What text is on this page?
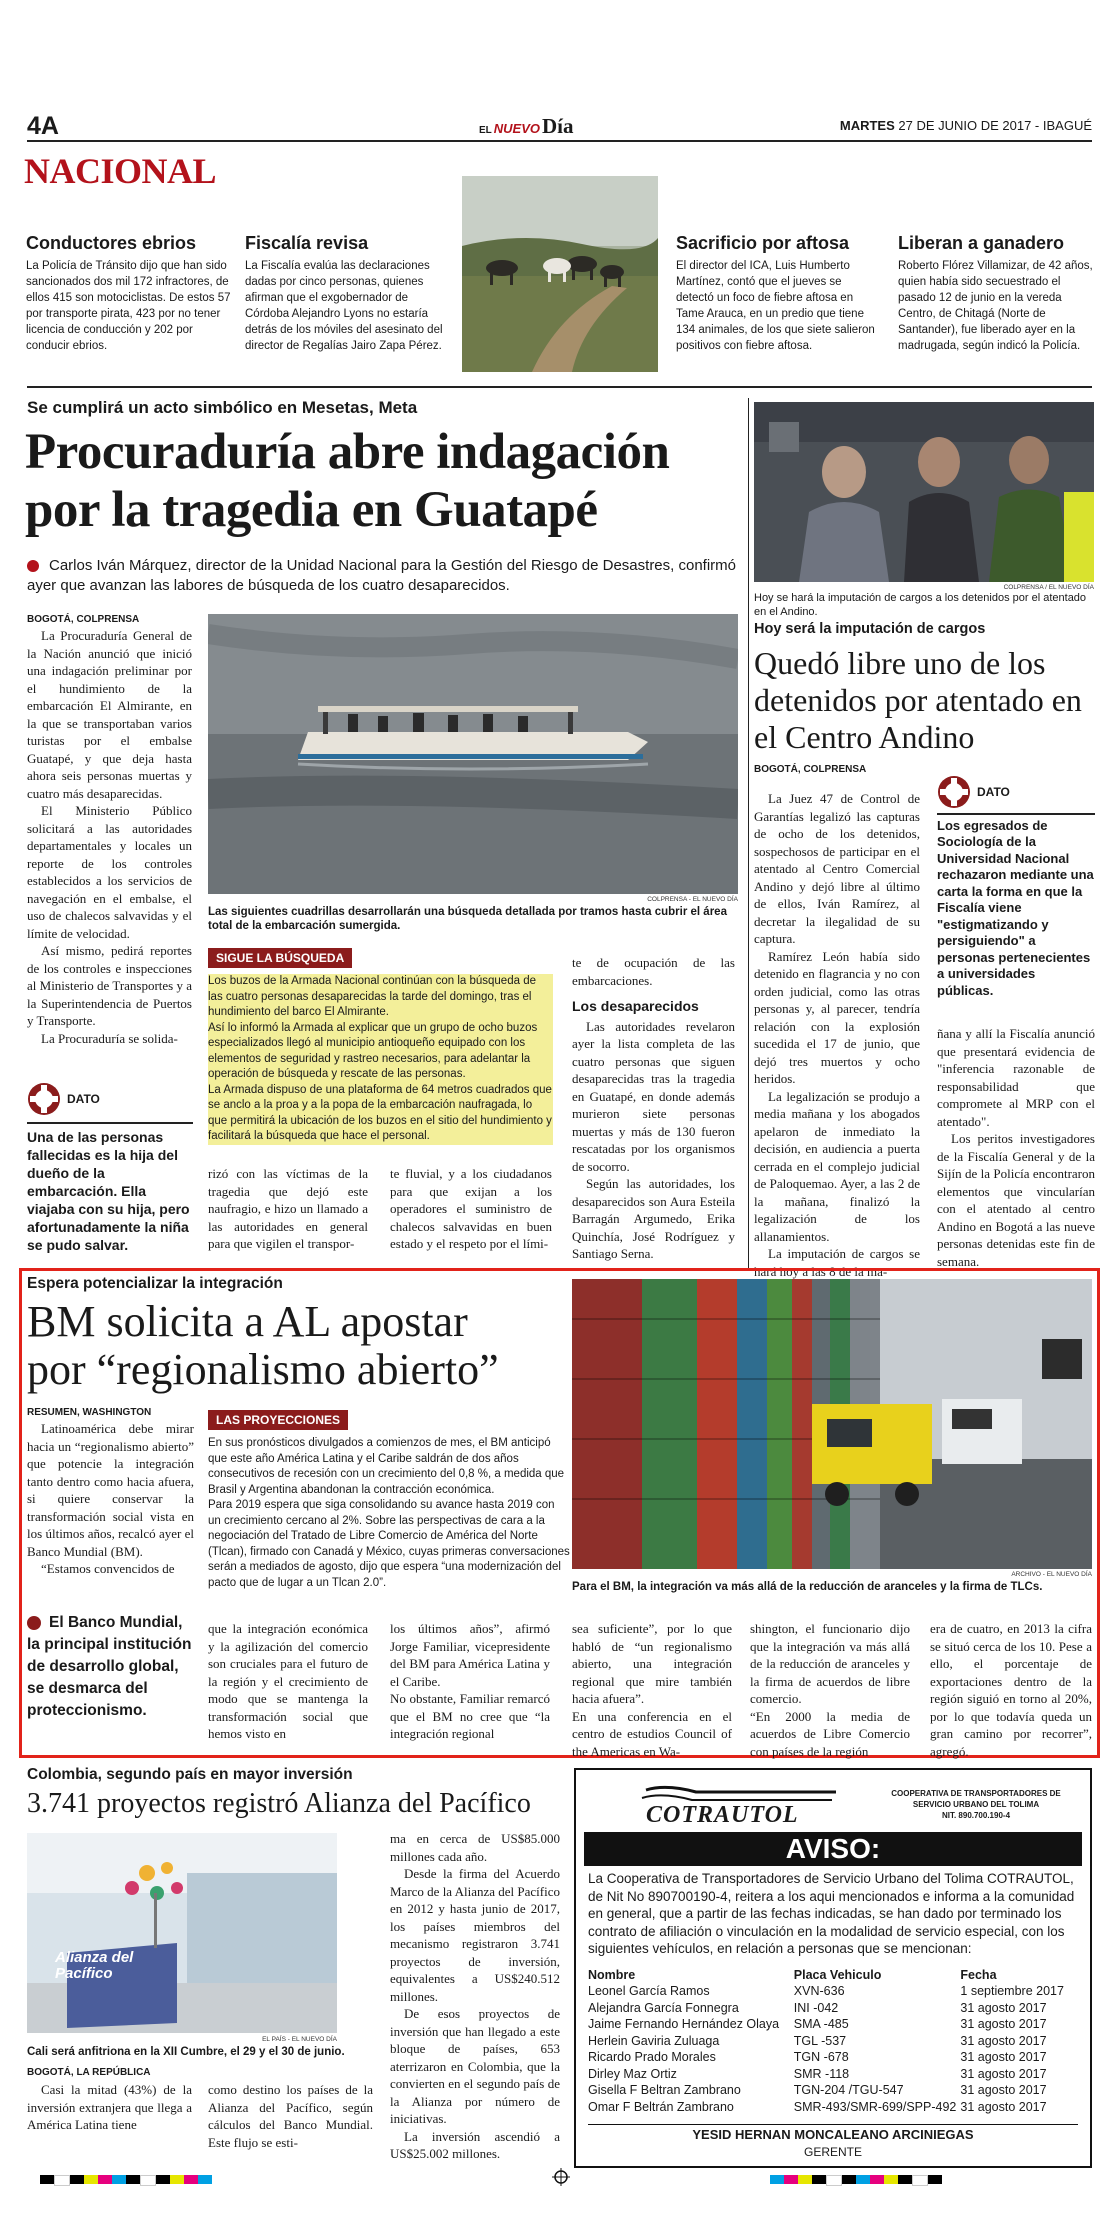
4A	EL NUEVO Día	MARTES 27 DE JUNIO DE 2017 - IBAGUÉ
NACIONAL
Conductores ebrios
La Policía de Tránsito dijo que han sido sancionados dos mil 172 infractores, de ellos 415 son motociclistas. De estos 57 por transporte pirata, 423 por no tener licencia de conducción y 202 por conducir ebrios.
Fiscalía revisa
La Fiscalía evalúa las declaraciones dadas por cinco personas, quienes afirman que el exgobernador de Córdoba Alejandro Lyons no estaría detrás de los móviles del asesinato del director de Regalías Jairo Zapa Pérez.
Sacrificio por aftosa
El director del ICA, Luis Humberto Martínez, contó que el jueves se detectó un foco de fiebre aftosa en Tame Arauca, en un predio que tiene 134 animales, de los que siete salieron positivos con fiebre aftosa.
Liberan a ganadero
Roberto Flórez Villamizar, de 42 años, quien había sido secuestrado el pasado 12 de junio en la vereda Centro, de Chitagá (Norte de Santander), fue liberado ayer en la madrugada, según indicó la Policía.
Se cumplirá un acto simbólico en Mesetas, Meta
Procuraduría abre indagación
por la tragedia en Guatapé
Carlos Iván Márquez, director de la Unidad Nacional para la Gestión del Riesgo de Desastres, confirmó ayer que avanzan las labores de búsqueda de los cuatro desaparecidos.
BOGOTÁ, COLPRENSA

La Procuraduría General de la Nación anunció que inició una indagación preliminar por el hundimiento de la embarcación El Almirante, en la que se transportaban varios turistas por el embalse Guatapé, y que deja hasta ahora seis personas muertas y cuatro más desaparecidas.

El Ministerio Público solicitará a las autoridades departamentales y locales un reporte de los controles establecidos a los servicios de navegación en el embalse, el uso de chalecos salvavidas y el límite de velocidad.

Así mismo, pedirá reportes de los controles e inspecciones al Ministerio de Transportes y a la Superintendencia de Puertos y Transporte.

La Procuraduría se solida-

COLPRENSA - EL NUEVO DÍA
Las siguientes cuadrillas desarrollarán una búsqueda detallada por tramos hasta cubrir el área total de la embarcación sumergida.
SIGUE LA BÚSQUEDA
Los buzos de la Armada Nacional continúan con la búsqueda de las cuatro personas desaparecidas la tarde del domingo, tras el hundimiento del barco El Almirante.
Así lo informó la Armada al explicar que un grupo de ocho buzos especializados llegó al municipio antioqueño equipado con los elementos de seguridad y rastreo necesarios, para adelantar la operación de búsqueda y rescate de las personas.
La Armada dispuso de una plataforma de 64 metros cuadrados que se anclo a la proa y a la popa de la embarcación naufragada, lo que permitirá la ubicación de los buzos en el sitio del hundimiento y facilitará la búsqueda que hace el personal.

rizó con las víctimas de la tragedia que dejó este naufragio, e hizo un llamado a las autoridades en general para que vigilen el transpor-

te fluvial, y a los ciudadanos para que exijan a los operadores el suministro de chalecos salvavidas en buen estado y el respeto por el lími-

te de ocupación de las embarcaciones.

Los desaparecidos

Las autoridades revelaron ayer la lista completa de las cuatro personas que siguen desaparecidas tras la tragedia en Guatapé, en donde además murieron siete personas muertas y más de 130 fueron rescatadas por los organismos de socorro.

Según las autoridades, los desaparecidos son Aura Esteila Barragán Argumedo, Erika Quinchía, José Rodríguez y Santiago Serna.

DATO
Una de las personas fallecidas es la hija del dueño de la embarcación. Ella viajaba con su hija, pero afortunadamente la niña se pudo salvar.
COLPRENSA / EL NUEVO DÍA
Hoy se hará la imputación de cargos a los detenidos por el atentado en el Andino.
Hoy será la imputación de cargos
Quedó libre uno de los detenidos por atentado en el Centro Andino
BOGOTÁ, COLPRENSA

La Juez 47 de Control de Garantías legalizó las capturas de ocho de los detenidos, sospechosos de participar en el atentado al Centro Comercial Andino y dejó libre al último de ellos, Iván Ramírez, al decretar la ilegalidad de su captura.

Ramírez León había sido detenido en flagrancia y no con orden judicial, como las otras personas y, al parecer, tendría relación con la explosión sucedida el 17 de junio, que dejó tres muertos y ocho heridos.

La legalización se produjo a media mañana y los abogados apelaron de inmediato la decisión, en audiencia a puerta cerrada en el complejo judicial de Paloquemao. Ayer, a las 2 de la mañana, finalizó la legalización de los allanamientos.

La imputación de cargos se hará hoy a las 8 de la ma-

DATO
Los egresados de Sociología de la Universidad Nacional rechazaron mediante una carta la forma en que la Fiscalía viene "estigmatizando y persiguiendo" a personas pertenecientes a universidades públicas.

ñana y allí la Fiscalía anunció que presentará evidencia de "inferencia razonable de responsabilidad que compromete al MRP con el atentado".

Los peritos investigadores de la Fiscalía General y de la Sijín de la Policía encontraron elementos que vincularían con el atentado al centro Andino en Bogotá a las nueve personas detenidas este fin de semana.

Espera potencializar la integración
BM solicita a AL apostar
por “regionalismo abierto”
RESUMEN, WASHINGTON

Latinoamérica debe mirar hacia un “regionalismo abierto” que potencie la integración tanto dentro como hacia afuera, si quiere conservar la transformación social vista en los últimos años, recalcó ayer el Banco Mundial (BM).

“Estamos convencidos de

El Banco Mundial, la principal institución de desarrollo global, se desmarca del proteccionismo.
LAS PROYECCIONES
En sus pronósticos divulgados a comienzos de mes, el BM anticipó que este año América Latina y el Caribe saldrán de dos años consecutivos de recesión con un crecimiento del 0,8 %, a medida que Brasil y Argentina abandonan la contracción económica.
Para 2019 espera que siga consolidando su avance hasta 2019 con un crecimiento cercano al 2%. Sobre las perspectivas de cara a la negociación del Tratado de Libre Comercio de América del Norte (Tlcan), firmado con Canadá y México, cuyas primeras conversaciones serán a mediados de agosto, dijo que espera “una modernización del pacto que de lugar a un Tlcan 2.0”.
ARCHIVO - EL NUEVO DÍA
Para el BM, la integración va más allá de la reducción de aranceles y la firma de TLCs.

que la integración económica y la agilización del comercio son cruciales para el futuro de la región y el crecimiento de modo que se mantenga la transformación social que hemos visto en

los últimos años”, afirmó Jorge Familiar, vicepresidente del BM para América Latina y el Caribe.
No obstante, Familiar remarcó que el BM no cree que “la integración regional

sea suficiente”, por lo que habló de “un regionalismo abierto, una integración regional que mire también hacia afuera”.
En una conferencia en el centro de estudios Council of the Americas en Wa-

shington, el funcionario dijo que la integración va más allá de la reducción de aranceles y la firma de acuerdos de libre comercio.
“En 2000 la media de acuerdos de Libre Comercio con países de la región

era de cuatro, en 2013 la cifra se situó cerca de los 10. Pese a ello, el porcentaje de exportaciones dentro de la región siguió en torno al 20%, por lo que todavía queda un gran camino por recorrer”, agregó.

Colombia, segundo país en mayor inversión
3.741 proyectos registró Alianza del Pacífico
Alianza del Pacífico
EL PAÍS - EL NUEVO DÍA
Cali será anfitriona en la XII Cumbre, el 29 y el 30 de junio.
BOGOTÁ, LA REPÚBLICA

Casi la mitad (43%) de la inversión extranjera que llega a América Latina tiene

como destino los países de la Alianza del Pacífico, según cálculos del Banco Mundial. Este flujo se esti-

ma en cerca de US$85.000 millones cada año.

Desde la firma del Acuerdo Marco de la Alianza del Pacífico en 2012 y hasta junio de 2017, los países miembros del mecanismo registraron 3.741 proyectos de inversión, equivalentes a US$240.512 millones.

De esos proyectos de inversión que han llegado a este bloque de países, 653 aterrizaron en Colombia, que la convierten en el segundo país de la Alianza por número de iniciativas.

La inversión ascendió a US$25.002 millones.

COTRAUTOL
COOPERATIVA DE TRANSPORTADORES DE
SERVICIO URBANO DEL TOLIMA
NIT. 890.700.190-4
AVISO:
La Cooperativa de Transportadores de Servicio Urbano del Tolima COTRAUTOL, de Nit No 890700190-4, reitera a los aqui mencionados e informa a la comunidad en general, que a partir de las fechas indicadas, se han dado por terminado los contrato de afiliación o vinculación en la modalidad de servicio especial, con los siguientes vehículos, en relación a personas que se mencionan:
Nombre	Placa Vehiculo	Fecha
Leonel García Ramos	XVN-636	1 septiembre 2017
Alejandra García Fonnegra	INI -042	31 agosto 2017
Jaime Fernando Hernández Olaya	SMA -485	31 agosto 2017
Herlein Gaviria Zuluaga	TGL -537	31 agosto 2017
Ricardo Prado Morales	TGN -678	31 agosto 2017
Dirley Maz Ortiz	SMR -118	31 agosto 2017
Gisella F Beltran Zambrano	TGN-204 /TGU-547	31 agosto 2017
Omar F Beltrán Zambrano	SMR-493/SMR-699/SPP-492	31 agosto 2017
YESID HERNAN MONCALEANO ARCINIEGAS
GERENTE
